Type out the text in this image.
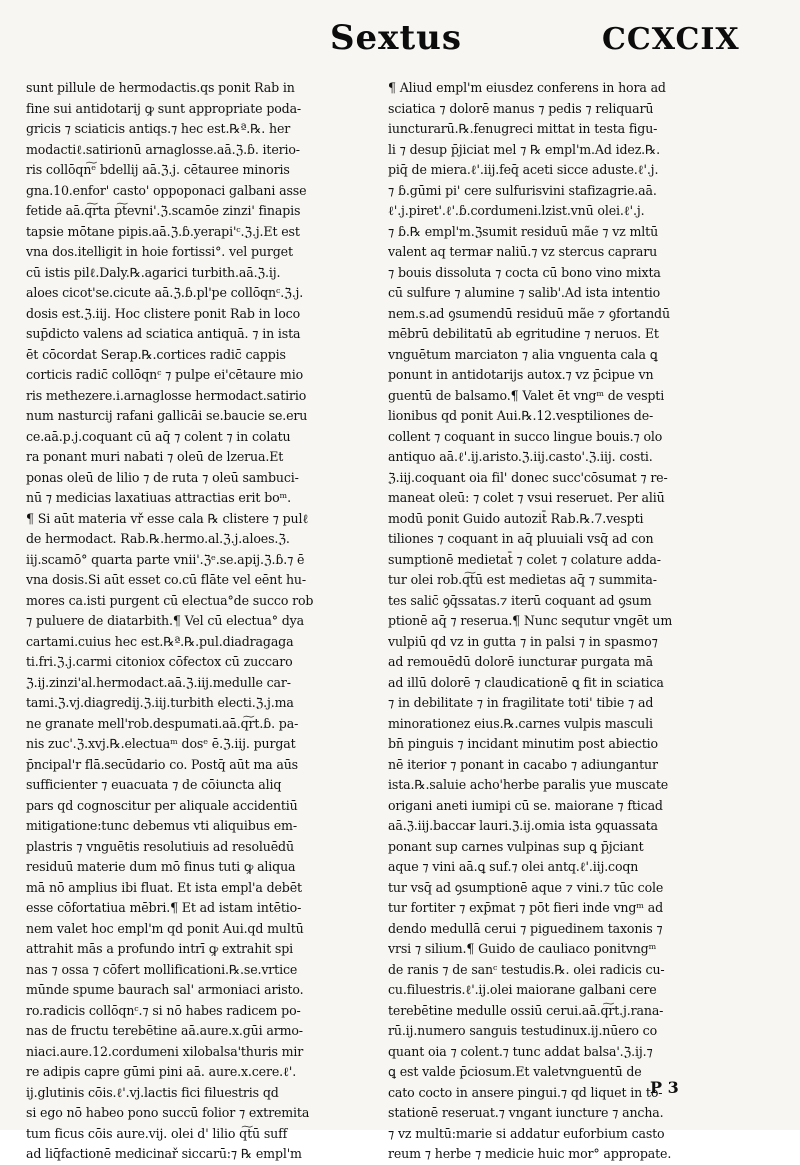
Sextus	CCXCIX
sunt pillule de hermodactis.qs ponit Rab in
fine sui antidotarij ꝙ sunt appropriate poda-
gricis ⁊ sciaticis antiqs.⁊ hec est.℞ª.℞. her
modactiℓ.satirionū arnaglosse.aā.ℨ.ɓ. iterio-
ris collōqn͠ᵉ bdellij aā.ℨ.j. cētauree minoris
gna.10.enfor' casto' oppoponaci galbani asse
fetide aā.q͠rta p͠tevni'.ℨ.scamōe zinzi' finapis
tapsie mōtane pipis.aā.ℨ.ɓ.yerapi'ᶜ.ℨ.j.Et est
vna dos.itelligit in hoie fortissi°. vel purget
cū istis pilℓ.Daly.℞.agarici turbith.aā.ℨ.ij.
aloes cicot'se.cicute aā.ℨ.ɓ.pl'pe collōqnᶜ.ℨ.j.
dosis est.ℨ.iij. Hoc clistere ponit Rab in loco
sup̄dicto valens ad sciatica antiquā. ⁊ in ista
ēt cōcordat Serap.℞.cortices radic̄ cappis
corticis radic̄ collōqnᶜ ⁊ pulpe ei'cētaure mio
ris methezere.i.arnaglosse hermodact.satirio
num nasturcij rafani gallicāi se.baucie se.eru
ce.aā.p.j.coquant cū aq̄ ⁊ colent ⁊ in colatu
ra ponant muri nabati ⁊ oleū de lzerua.Et
ponas oleū de lilio ⁊ de ruta ⁊ oleū sambuci-
nū ⁊ medicias laxatiuas attractias erit boᵐ.
¶ Si aūt materia vř esse cala ℞ clistere ⁊ pulℓ
de hermodact. Rab.℞.hermo.al.ℨ.j.aloes.ℨ.
iij.scamō° quarta parte vnii'.ℨᵉ.se.apij.ℨ.ɓ.⁊ ē
vna dosis.Si aūt esset co.cū flāte vel eēnt hu-
mores ca.isti purgent cū electua°de succo rob
⁊ puluere de diatarbith.¶ Vel cū electua° dya
cartami.cuius hec est.℞ª.℞.pul.diadragaga
ti.fri.ℨ.j.carmi citoniox cōfectox cū zuccaro
ℨ.ij.zinzi'al.hermodact.aā.ℨ.iij.medulle car-
tami.ℨ.vj.diagredij.ℨ.iij.turbith electi.ℨ.j.ma
ne granate mell'rob.despumati.aā.q͠rt.ɓ. pa-
nis zuc'.ℨ.xvj.℞.electuaᵐ dosᵉ ē.ℨ.iij. purgat
p̄ncipal'r flā.secūdario co. Postq̄ aūt ma aūs
sufficienter ⁊ euacuata ⁊ de cōiuncta aliq
pars qd cognoscitur per aliquale accidentiū
mitigatione:tunc debemus vti aliquibus em-
plastris ⁊ vnguētis resolutiuis ad resoluēdū
residuū materie dum mō finus tuti ꝙ aliqua
mā nō amplius ibi fluat. Et ista empl'a debēt
esse cōfortatiua mēbri.¶ Et ad istam intētio-
nem valet hoc empl'm qd ponit Aui.qd multū
attrahit mās a profundo intrī ꝙ extrahit spi
nas ⁊ ossa ⁊ cōfert mollificationi.℞.se.vrtice
mūnde spume baurach sal' armoniaci aristo.
ro.radicis collōqnᶜ.⁊ si nō habes radicem po-
nas de fructu terebētine aā.aure.x.gūi armo-
niaci.aure.12.cordumeni xilobalsa'thuris mir
re adipis capre gūmi pini aā. aure.x.cere.ℓ'.
ij.glutinis cōis.ℓ'.vj.lactis fici filuestris qd
si ego nō habeo pono succū folior ⁊ extremita
tum ficus cōis aure.vij. olei d' lilio q͠tū suff
ad liq̄factionē medicinař siccarū:⁊ ℞ empl'm
¶ Aliud empl'm eiusdez conferens in hora ad
sciatica ⁊ dolorē manus ⁊ pedis ⁊ reliquarū
iuncturarū.℞.fenugreci mittat in testa figu-
li ⁊ desup p̄jiciat mel ⁊ ℞ empl'm.Ad idez.℞.
piq̄ de miera.ℓ'.iij.feq̄ aceti sicce aduste.ℓ'.j.
⁊ ɓ.gūmi pi' cere sulfurisvini stafizagrie.aā.
ℓ'.j.piret'.ℓ'.ɓ.cordumeni.lzist.vnū olei.ℓ'.j.
⁊ ɓ.℞ empl'm.ℨsumit residuū mãe ⁊ vz mltū
valent aq termaɍ naliū.⁊ vz stercus capraru
⁊ bouis dissoluta ⁊ cocta cū bono vino mixta
cū sulfure ⁊ alumine ⁊ salib'.Ad ista intentio
nem.s.ad ꝯsumendū residuū mãe ⁊ ꝯfortandū
mēbrū debilitatū ab egritudine ⁊ neruos. Et
vnguētum marciaton ⁊ alia vnguenta cala ꝗ
ponunt in antidotarijs autox.⁊ vz p̄cipue vn
guentū de balsamo.¶ Valet ēt vngᵐ de vespti
lionibus qd ponit Aui.℞.12.vesptiliones de-
collent ⁊ coquant in succo lingue bouis.⁊ olo
antiquo aā.ℓ'.ij.aristo.ℨ.iij.casto'.ℨ.iij. costi.
ℨ.iij.coquant oia fil' donec succ'cōsumat ⁊ re-
maneat oleū: ⁊ colet ⁊ vsui reseruet. Per aliū
modū ponit Guido autozit̄ Rab.℞.7.vespti
tiliones ⁊ coquant in aq̄ pluuiali vsq̄ ad con
sumptionē medietat̄ ⁊ colet ⁊ colature adda-
tur olei rob.q͠tū est medietas aq̄ ⁊ summita-
tes salic̄ ꝯq̄ssatas.⁊ iterū coquant ad ꝯsum
ptionē aq̄ ⁊ reserua.¶ Nunc sequtur vngēt um
vulpiū qd vz in gutta ⁊ in palsi ⁊ in spasmo⁊
ad remouēdū dolorē iuncturaɍ purgata mā
ad illū dolorē ⁊ claudicationē ꝗ fit in sciatica
⁊ in debilitate ⁊ in fragilitate toti' tibie ⁊ ad
minorationez eius.℞.carnes vulpis masculi
bn̄ pinguis ⁊ incidant minutim post abiectio
nē iterioɍ ⁊ ponant in cacabo ⁊ adiungantur
ista.℞.saluie acho'herbe paralis yue muscate
origani aneti iumipi cū se. maiorane ⁊ fticad
aā.ℨ.iij.baccaɍ lauri.ℨ.ij.omia ista ꝯquassata
ponant sup carnes vulpinas sup ꝗ p̄jciant
aque ⁊ vini aā.ꝗ suf.⁊ olei antq.ℓ'.iij.coqn
tur vsq̄ ad ꝯsumptionē aque ⁊ vini.⁊ tūc cole
tur fortiter ⁊ exp̄mat ⁊ pōt fieri inde vngᵐ ad
dendo medullā cerui ⁊ piguedinem taxonis ⁊
vrsi ⁊ silium.¶ Guido de cauliaco ponitvngᵐ
de ranis ⁊ de sanᶜ testudis.℞. olei radicis cu-
cu.filuestris.ℓ'.ij.olei maiorane galbani cere
terebētine medulle ossiū cerui.aā.q͠rt.j.rana-
rū.ij.numero sanguis testudinux.ij.nūero co
quant oia ⁊ colent.⁊ tunc addat balsa'.ℨ.ij.⁊
ꝗ est valde p̄ciosum.Et valetvnguentū de
cato cocto in ansere pingui.⁊ qd liquet in to-
stationē reseruat.⁊ vngant iuncture ⁊ ancha.
⁊ vz multū:marie si addatur euforbium casto
reum ⁊ herbe ⁊ medicie huic mor° appropate.
P 3
